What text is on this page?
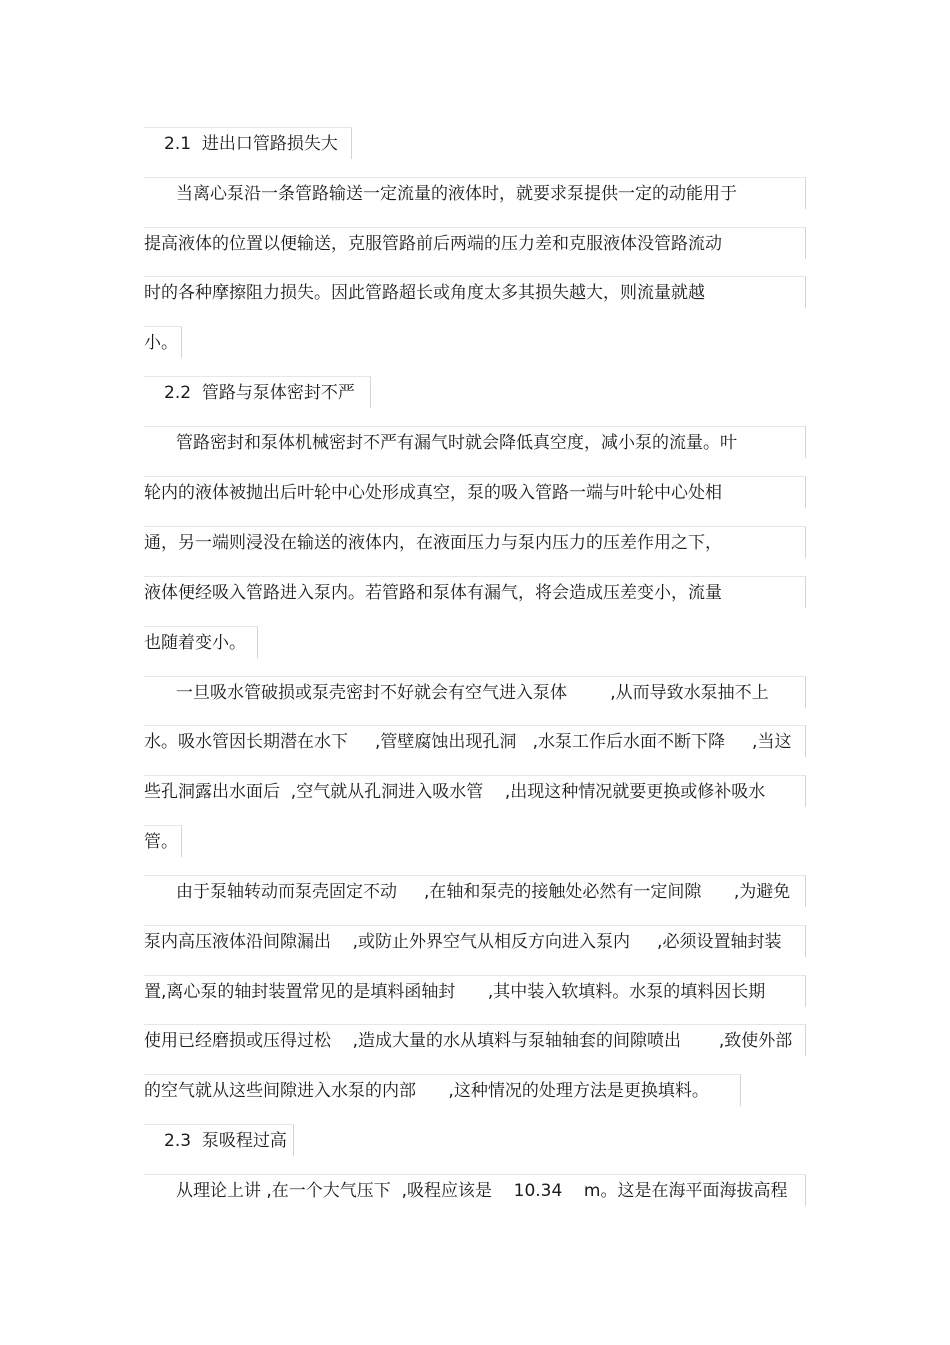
2.1  进出口管路损失大
当离心泵沿一条管路输送一定流量的液体时，就要求泵提供一定的动能用于
提高液体的位置以便输送，克服管路前后两端的压力差和克服液体没管路流动
时的各种摩擦阻力损失。因此管路超长或角度太多其损失越大，则流量就越
小。
2.2  管路与泵体密封不严
管路密封和泵体机械密封不严有漏气时就会降低真空度，减小泵的流量。叶
轮内的液体被抛出后叶轮中心处形成真空，泵的吸入管路一端与叶轮中心处相
通，另一端则浸没在输送的液体内，在液面压力与泵内压力的压差作用之下，
液体便经吸入管路进入泵内。若管路和泵体有漏气，将会造成压差变小，流量
也随着变小。
一旦吸水管破损或泵壳密封不好就会有空气进入泵体        ,从而导致水泵抽不上
水。吸水管因长期潜在水下     ,管壁腐蚀出现孔洞   ,水泵工作后水面不断下降     ,当这
些孔洞露出水面后  ,空气就从孔洞进入吸水管    ,出现这种情况就要更换或修补吸水
管。
由于泵轴转动而泵壳固定不动     ,在轴和泵壳的接触处必然有一定间隙      ,为避免
泵内高压液体沿间隙漏出    ,或防止外界空气从相反方向进入泵内     ,必须设置轴封装
置,离心泵的轴封装置常见的是填料函轴封      ,其中装入软填料。水泵的填料因长期
使用已经磨损或压得过松    ,造成大量的水从填料与泵轴轴套的间隙喷出       ,致使外部
的空气就从这些间隙进入水泵的内部      ,这种情况的处理方法是更换填料。
2.3  泵吸程过高
从理论上讲 ,在一个大气压下  ,吸程应该是    10.34    m。这是在海平面海拔高程
